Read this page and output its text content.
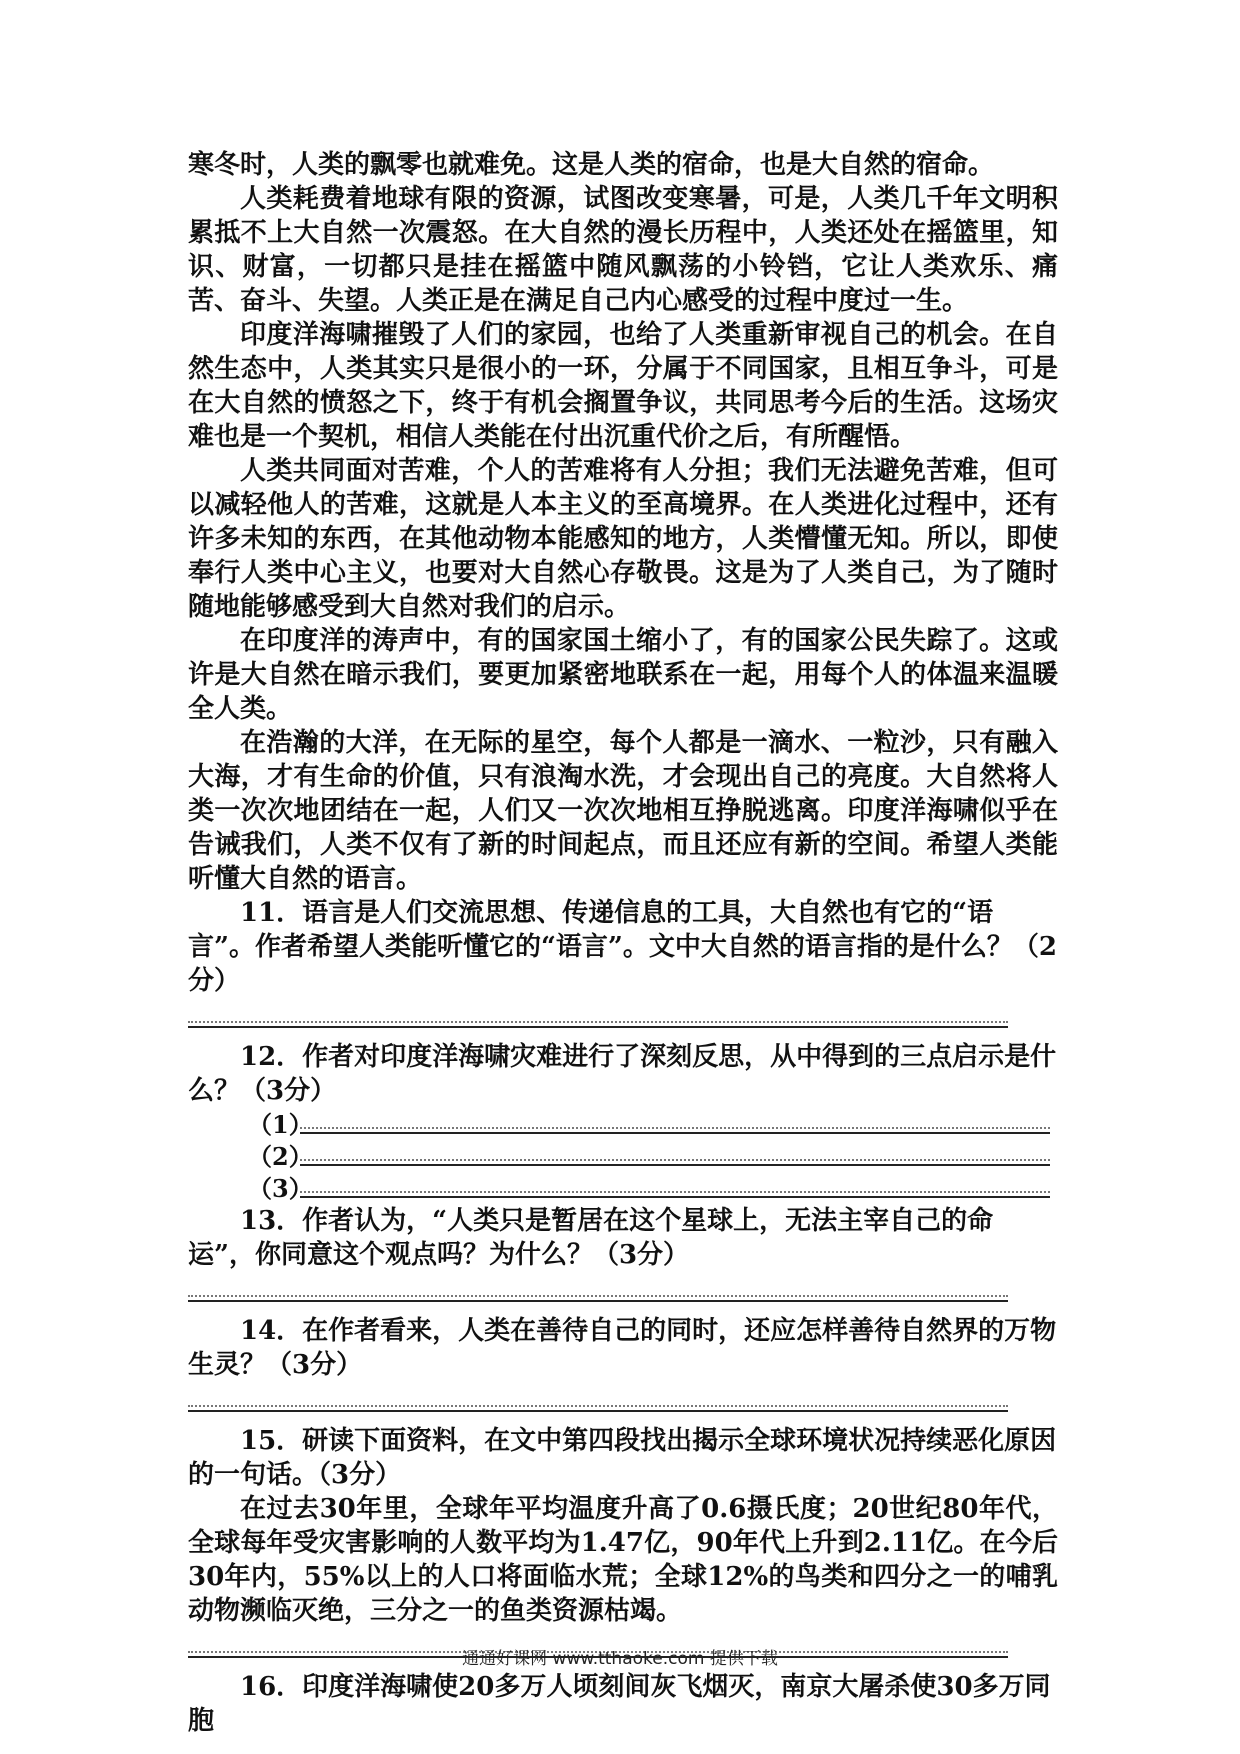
寒冬时，人类的飘零也就难免。这是人类的宿命，也是大自然的宿命。

人类耗费着地球有限的资源，试图改变寒暑，可是，人类几千年文明积累抵不上大自然一次震怒。在大自然的漫长历程中，人类还处在摇篮里，知识、财富，一切都只是挂在摇篮中随风飘荡的小铃铛，它让人类欢乐、痛苦、奋斗、失望。人类正是在满足自己内心感受的过程中度过一生。

印度洋海啸摧毁了人们的家园，也给了人类重新审视自己的机会。在自然生态中，人类其实只是很小的一环，分属于不同国家，且相互争斗，可是在大自然的愤怒之下，终于有机会搁置争议，共同思考今后的生活。这场灾难也是一个契机，相信人类能在付出沉重代价之后，有所醒悟。

人类共同面对苦难，个人的苦难将有人分担；我们无法避免苦难，但可以减轻他人的苦难，这就是人本主义的至高境界。在人类进化过程中，还有许多未知的东西，在其他动物本能感知的地方，人类懵懂无知。所以，即使奉行人类中心主义，也要对大自然心存敬畏。这是为了人类自己，为了随时随地能够感受到大自然对我们的启示。

在印度洋的涛声中，有的国家国土缩小了，有的国家公民失踪了。这或许是大自然在暗示我们，要更加紧密地联系在一起，用每个人的体温来温暖全人类。

在浩瀚的大洋，在无际的星空，每个人都是一滴水、一粒沙，只有融入大海，才有生命的价值，只有浪淘水洗，才会现出自己的亮度。大自然将人类一次次地团结在一起，人们又一次次地相互挣脱逃离。印度洋海啸似乎在告诫我们，人类不仅有了新的时间起点，而且还应有新的空间。希望人类能听懂大自然的语言。

11．语言是人们交流思想、传递信息的工具，大自然也有它的“语言”。作者希望人类能听懂它的“语言”。文中大自然的语言指的是什么？（2分）

12．作者对印度洋海啸灾难进行了深刻反思，从中得到的三点启示是什么？（3分）

（1）
（2）
（3）

13．作者认为，“人类只是暂居在这个星球上，无法主宰自己的命运”，你同意这个观点吗？为什么？（3分）

14．在作者看来，人类在善待自己的同时，还应怎样善待自然界的万物生灵？（3分）

15．研读下面资料，在文中第四段找出揭示全球环境状况持续恶化原因的一句话。（3分）

在过去30年里，全球年平均温度升高了0.6摄氏度；20世纪80年代，全球每年受灾害影响的人数平均为1.47亿，90年代上升到2.11亿。在今后30年内，55%以上的人口将面临水荒；全球12%的鸟类和四分之一的哺乳动物濒临灭绝，三分之一的鱼类资源枯竭。

16．印度洋海啸使20多万人顷刻间灰飞烟灭，南京大屠杀使30多万同胞

通通好课网 www.tthaoke.com 提供下载
